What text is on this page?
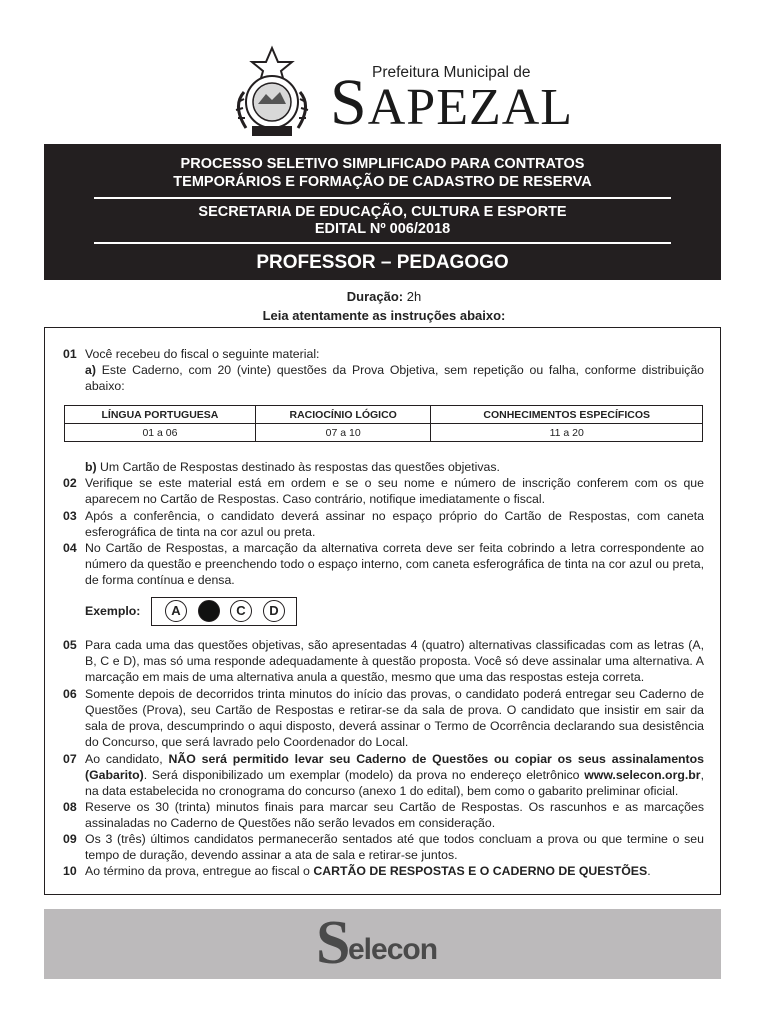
Prefeitura Municipal de
SAPEZAL
PROCESSO SELETIVO SIMPLIFICADO PARA CONTRATOS
TEMPORÁRIOS E FORMAÇÃO DE CADASTRO DE RESERVA
SECRETARIA DE EDUCAÇÃO, CULTURA E ESPORTE
EDITAL Nº 006/2018
PROFESSOR – PEDAGOGO
Duração: 2h
Leia atentamente as instruções abaixo:
01 Você recebeu do fiscal o seguinte material:
a) Este Caderno, com 20 (vinte) questões da Prova Objetiva, sem repetição ou falha, conforme distribuição abaixo:
LÍNGUA PORTUGUESA	RACIOCÍNIO LÓGICO	CONHECIMENTOS ESPECÍFICOS
01 a 06	07 a 10	11 a 20
b) Um Cartão de Respostas destinado às respostas das questões objetivas.
02 Verifique se este material está em ordem e se o seu nome e número de inscrição conferem com os que aparecem no Cartão de Respostas. Caso contrário, notifique imediatamente o fiscal.
03 Após a conferência, o candidato deverá assinar no espaço próprio do Cartão de Respostas, com caneta esferográfica de tinta na cor azul ou preta.
04 No Cartão de Respostas, a marcação da alternativa correta deve ser feita cobrindo a letra correspondente ao número da questão e preenchendo todo o espaço interno, com caneta esferográfica de tinta na cor azul ou preta, de forma contínua e densa.
Exemplo:	A	C	D
05 Para cada uma das questões objetivas, são apresentadas 4 (quatro) alternativas classificadas com as letras (A, B, C e D), mas só uma responde adequadamente à questão proposta. Você só deve assinalar uma alternativa. A marcação em mais de uma alternativa anula a questão, mesmo que uma das respostas esteja correta.
06 Somente depois de decorridos trinta minutos do início das provas, o candidato poderá entregar seu Caderno de Questões (Prova), seu Cartão de Respostas e retirar-se da sala de prova. O candidato que insistir em sair da sala de prova, descumprindo o aqui disposto, deverá assinar o Termo de Ocorrência declarando sua desistência do Concurso, que será lavrado pelo Coordenador do Local.
07 Ao candidato, NÃO será permitido levar seu Caderno de Questões ou copiar os seus assinalamentos (Gabarito). Será disponibilizado um exemplar (modelo) da prova no endereço eletrônico www.selecon.org.br, na data estabelecida no cronograma do concurso (anexo 1 do edital), bem como o gabarito preliminar oficial.
08 Reserve os 30 (trinta) minutos finais para marcar seu Cartão de Respostas. Os rascunhos e as marcações assinaladas no Caderno de Questões não serão levados em consideração.
09 Os 3 (três) últimos candidatos permanecerão sentados até que todos concluam a prova ou que termine o seu tempo de duração, devendo assinar a ata de sala e retirar-se juntos.
10 Ao término da prova, entregue ao fiscal o CARTÃO DE RESPOSTAS E O CADERNO DE QUESTÕES.
S
elecon
